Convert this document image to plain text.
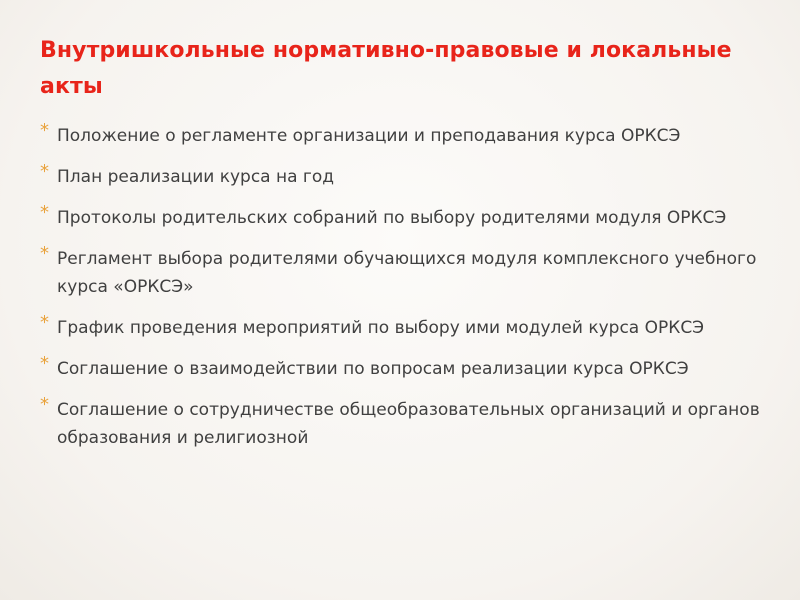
Внутришкольные нормативно-правовые и локальные акты
* Положение о регламенте организации и преподавания курса ОРКСЭ
* План реализации курса на год
* Протоколы родительских собраний по выбору родителями модуля ОРКСЭ
* Регламент выбора родителями обучающихся модуля комплексного учебного курса «ОРКСЭ»
* График проведения мероприятий по выбору ими модулей курса ОРКСЭ
* Соглашение о взаимодействии по вопросам реализации курса ОРКСЭ
* Соглашение о сотрудничестве общеобразовательных организаций и органов образования и религиозной
